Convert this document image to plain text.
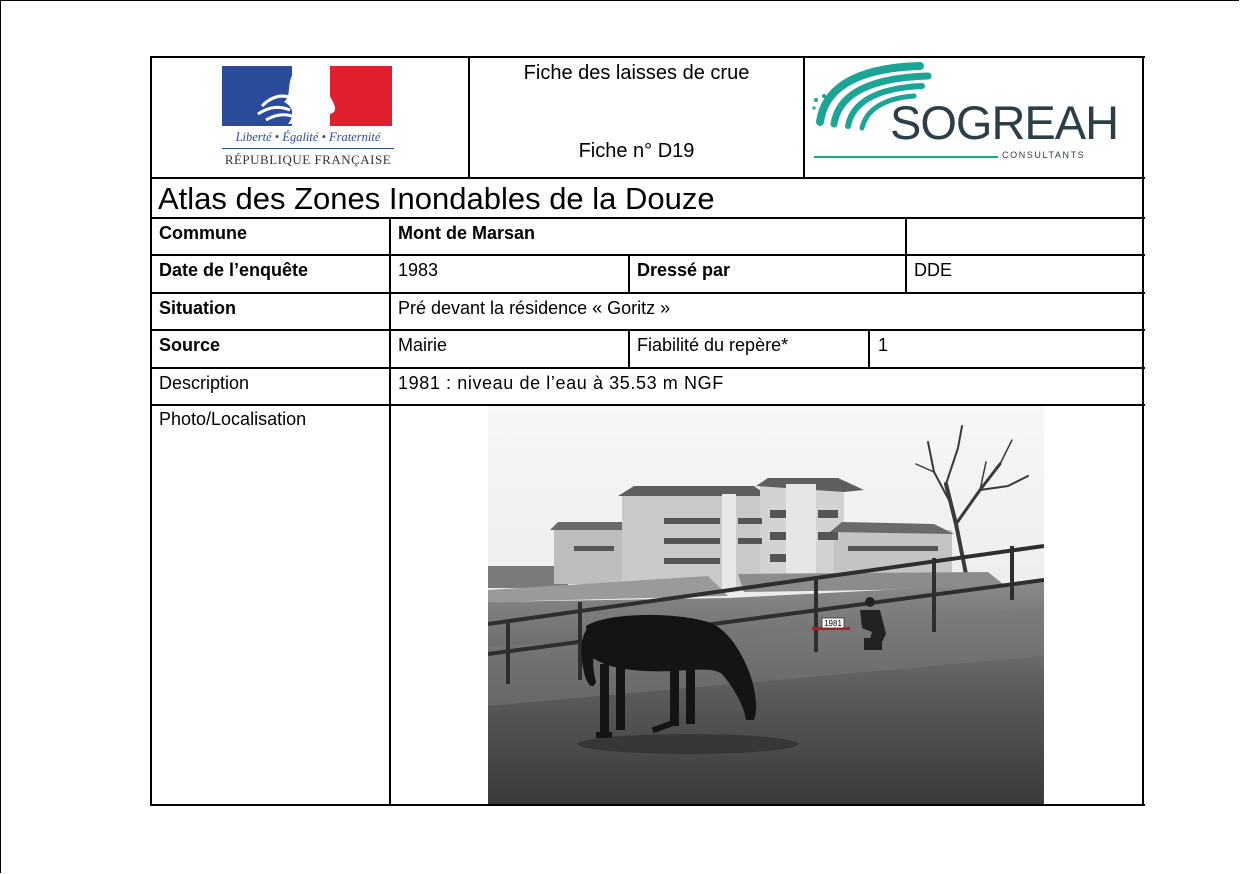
Liberté • Égalité • Fraternité
RÉPUBLIQUE FRANÇAISE
Fiche des laisses de crue
Fiche n° D19
SOGREAH
CONSULTANTS
Atlas des Zones Inondables de la Douze
Commune	Mont de Marsan
Date de l’enquête	1983	Dressé par	DDE
Situation	Pré devant la résidence « Goritz »
Source	Mairie	Fiabilité du repère*	1
Description	1981 : niveau de l’eau à 35.53 m NGF
Photo/Localisation
1981
